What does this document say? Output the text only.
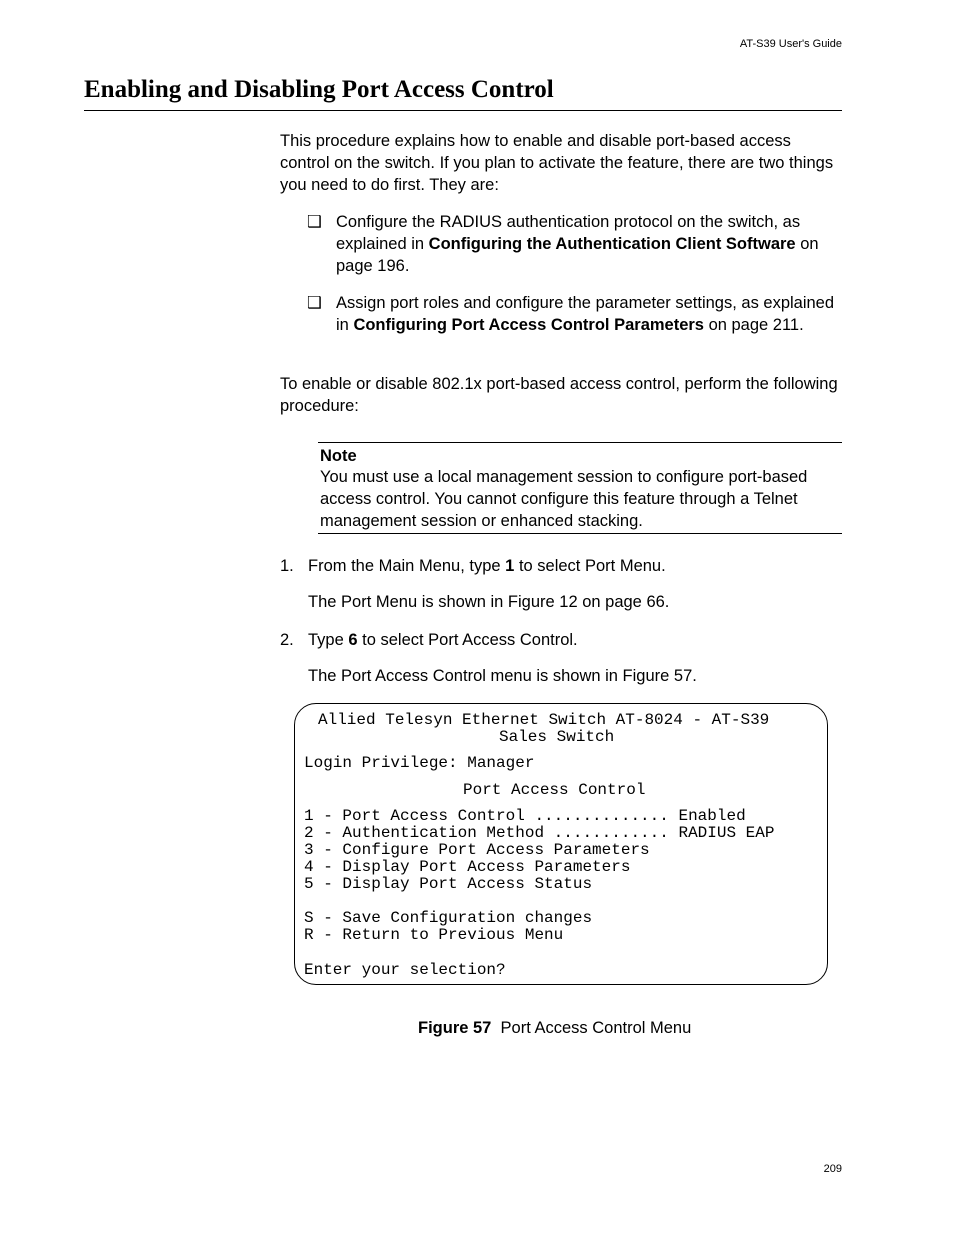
AT-S39 User's Guide
Enabling and Disabling Port Access Control

This procedure explains how to enable and disable port-based access control on the switch. If you plan to activate the feature, there are two things you need to do first. They are:

❑ Configure the RADIUS authentication protocol on the switch, as explained in Configuring the Authentication Client Software on page 196.
❑ Assign port roles and configure the parameter settings, as explained in Configuring Port Access Control Parameters on page 211.

To enable or disable 802.1x port-based access control, perform the following procedure:

Note
You must use a local management session to configure port-based access control. You cannot configure this feature through a Telnet management session or enhanced stacking.
1. From the Main Menu, type 1 to select Port Menu.
The Port Menu is shown in Figure 12 on page 66.
2. Type 6 to select Port Access Control.
The Port Access Control menu is shown in Figure 57.
Allied Telesyn Ethernet Switch AT-8024 - AT-S39
Sales Switch
Login Privilege: Manager
Port Access Control
1 - Port Access Control .............. Enabled
2 - Authentication Method ............ RADIUS EAP
3 - Configure Port Access Parameters
4 - Display Port Access Parameters
5 - Display Port Access Status
S - Save Configuration changes
R - Return to Previous Menu
Enter your selection?
Figure 57 Port Access Control Menu
209
